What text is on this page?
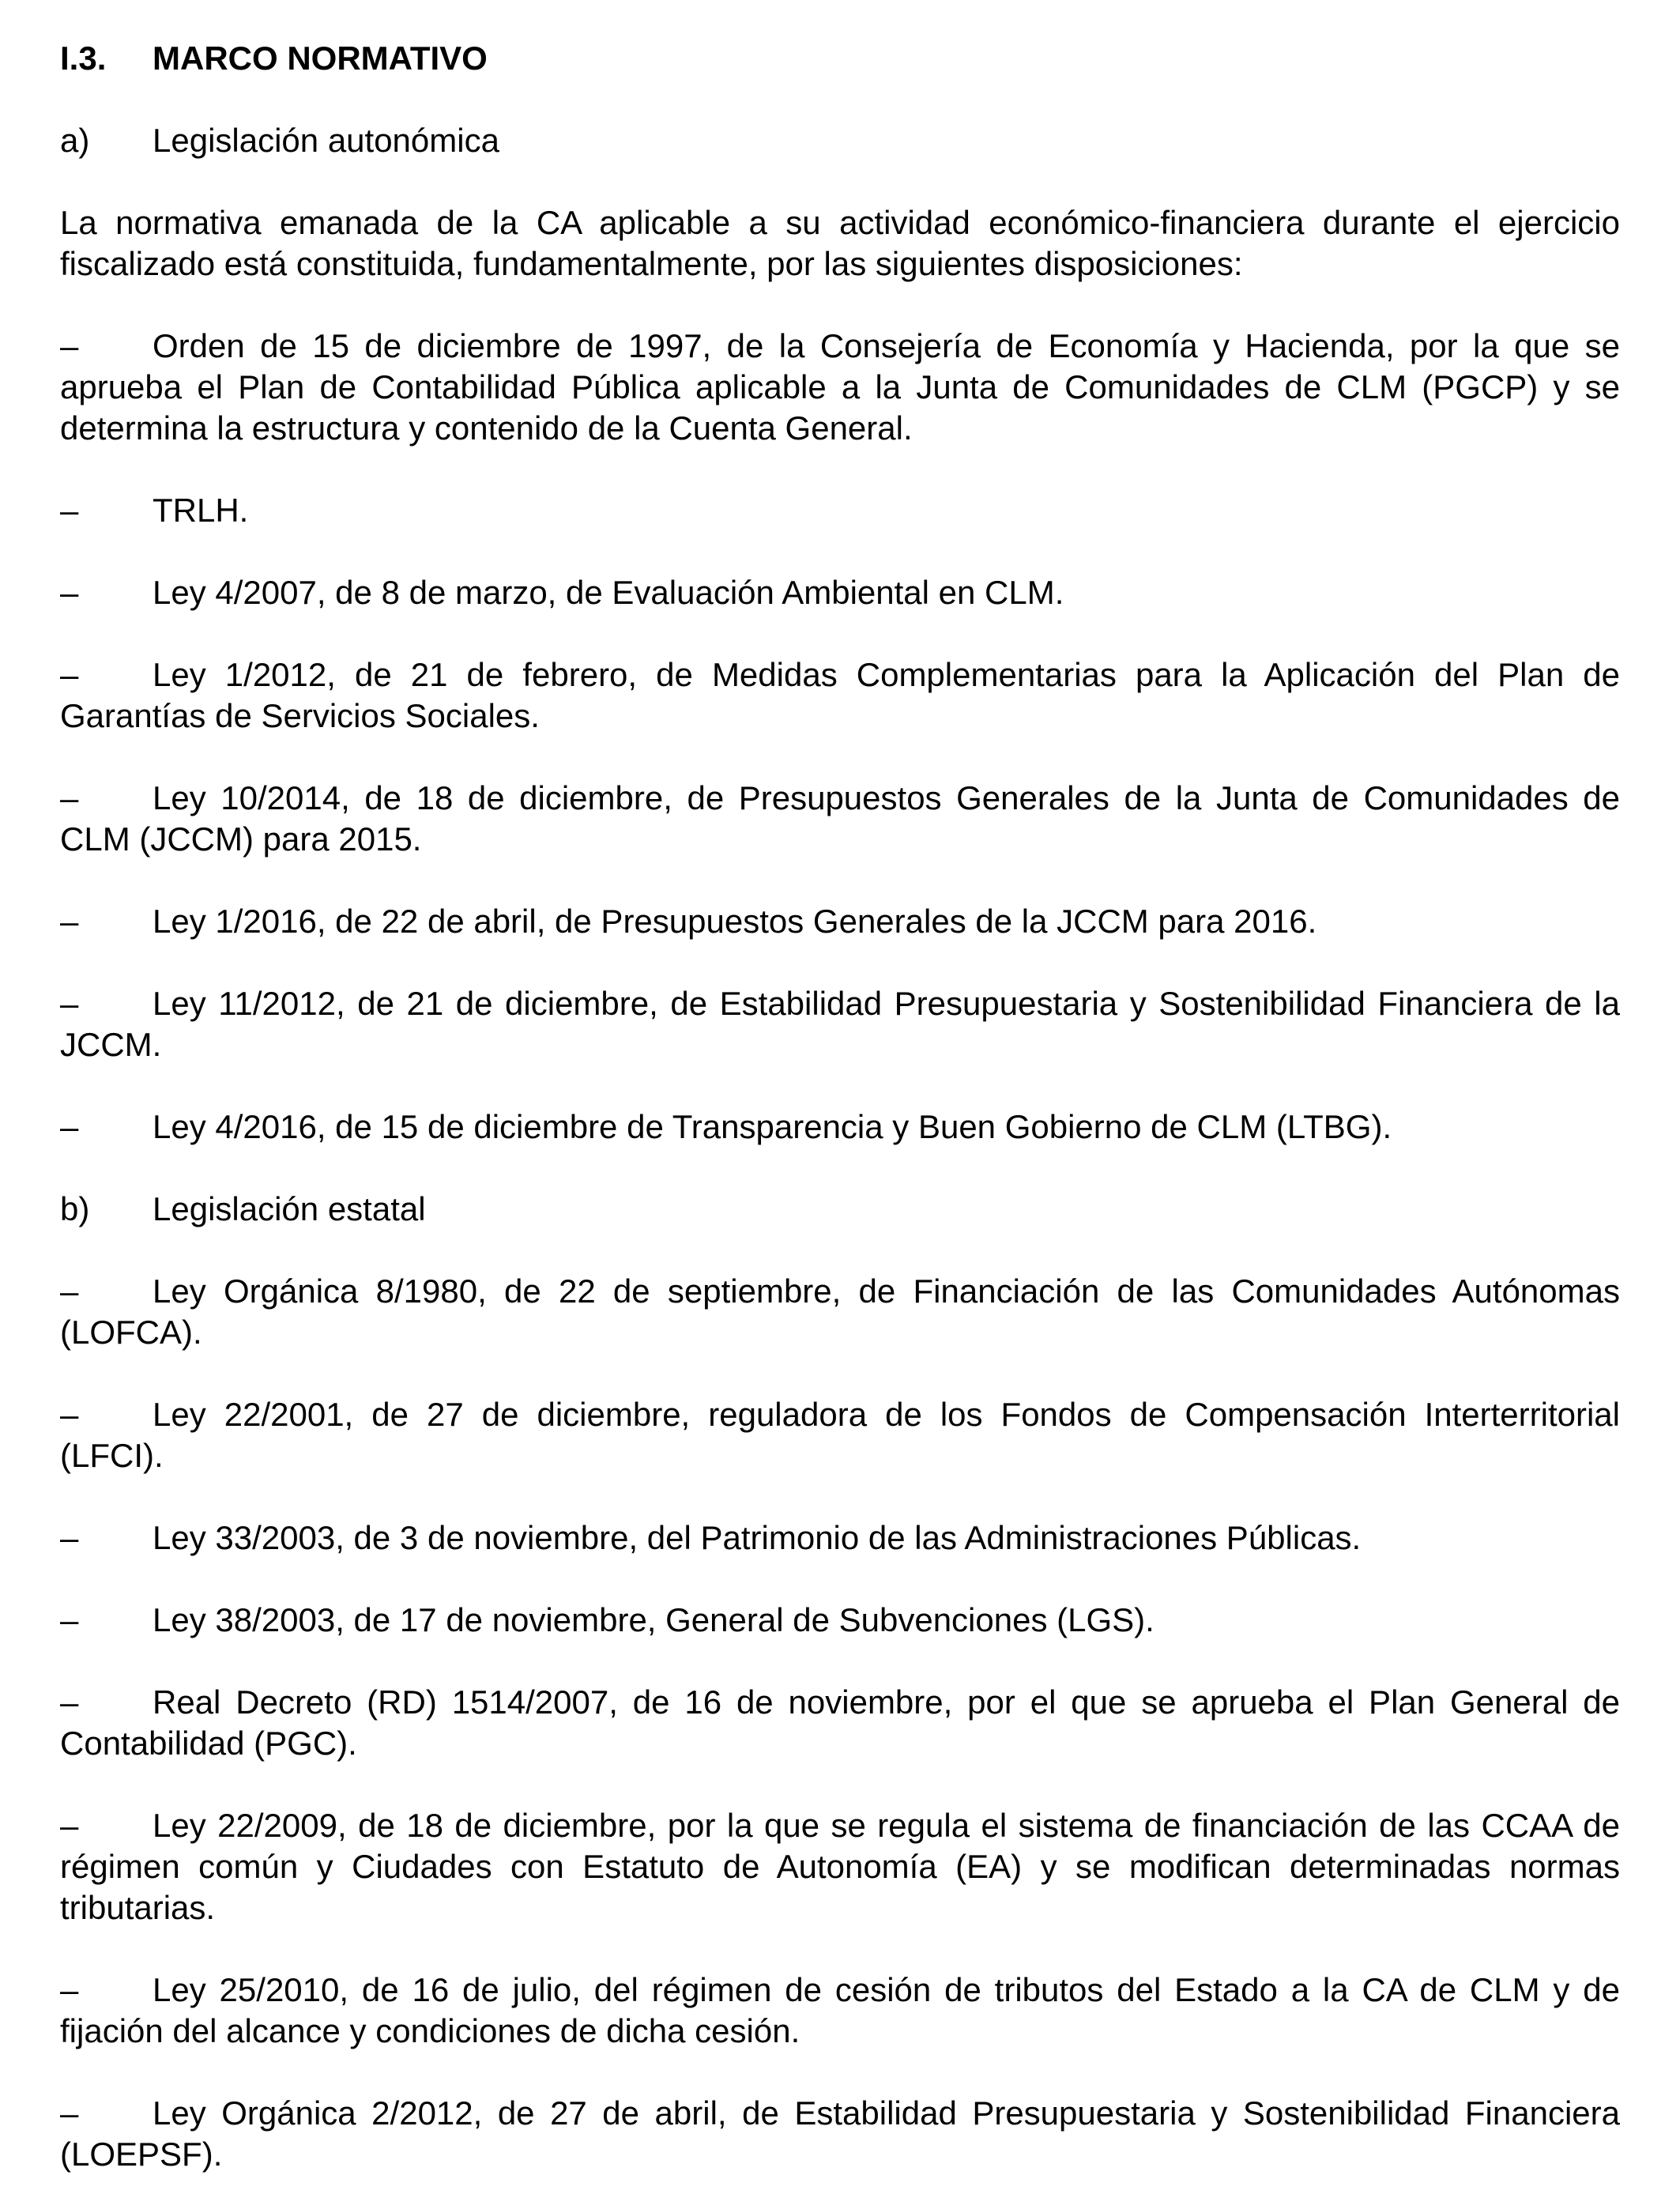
I.3.	MARCO NORMATIVO
a)	Legislación autonómica

La normativa emanada de la CA aplicable a su actividad económico-financiera durante el ejercicio fiscalizado está constituida, fundamentalmente, por las siguientes disposiciones:

– Orden de 15 de diciembre de 1997, de la Consejería de Economía y Hacienda, por la que se aprueba el Plan de Contabilidad Pública aplicable a la Junta de Comunidades de CLM (PGCP) y se determina la estructura y contenido de la Cuenta General.

– TRLH.

– Ley 4/2007, de 8 de marzo, de Evaluación Ambiental en CLM.

– Ley 1/2012, de 21 de febrero, de Medidas Complementarias para la Aplicación del Plan de Garantías de Servicios Sociales.

– Ley 10/2014, de 18 de diciembre, de Presupuestos Generales de la Junta de Comunidades de CLM (JCCM) para 2015.

– Ley 1/2016, de 22 de abril, de Presupuestos Generales de la JCCM para 2016.

– Ley 11/2012, de 21 de diciembre, de Estabilidad Presupuestaria y Sostenibilidad Financiera de la JCCM.

– Ley 4/2016, de 15 de diciembre de Transparencia y Buen Gobierno de CLM (LTBG).

b)	Legislación estatal

– Ley Orgánica 8/1980, de 22 de septiembre, de Financiación de las Comunidades Autónomas (LOFCA).

– Ley 22/2001, de 27 de diciembre, reguladora de los Fondos de Compensación Interterritorial (LFCI).

– Ley 33/2003, de 3 de noviembre, del Patrimonio de las Administraciones Públicas.

– Ley 38/2003, de 17 de noviembre, General de Subvenciones (LGS).

– Real Decreto (RD) 1514/2007, de 16 de noviembre, por el que se aprueba el Plan General de Contabilidad (PGC).

– Ley 22/2009, de 18 de diciembre, por la que se regula el sistema de financiación de las CCAA de régimen común y Ciudades con Estatuto de Autonomía (EA) y se modifican determinadas normas tributarias.

– Ley 25/2010, de 16 de julio, del régimen de cesión de tributos del Estado a la CA de CLM y de fijación del alcance y condiciones de dicha cesión.

– Ley Orgánica 2/2012, de 27 de abril, de Estabilidad Presupuestaria y Sostenibilidad Financiera (LOEPSF).
